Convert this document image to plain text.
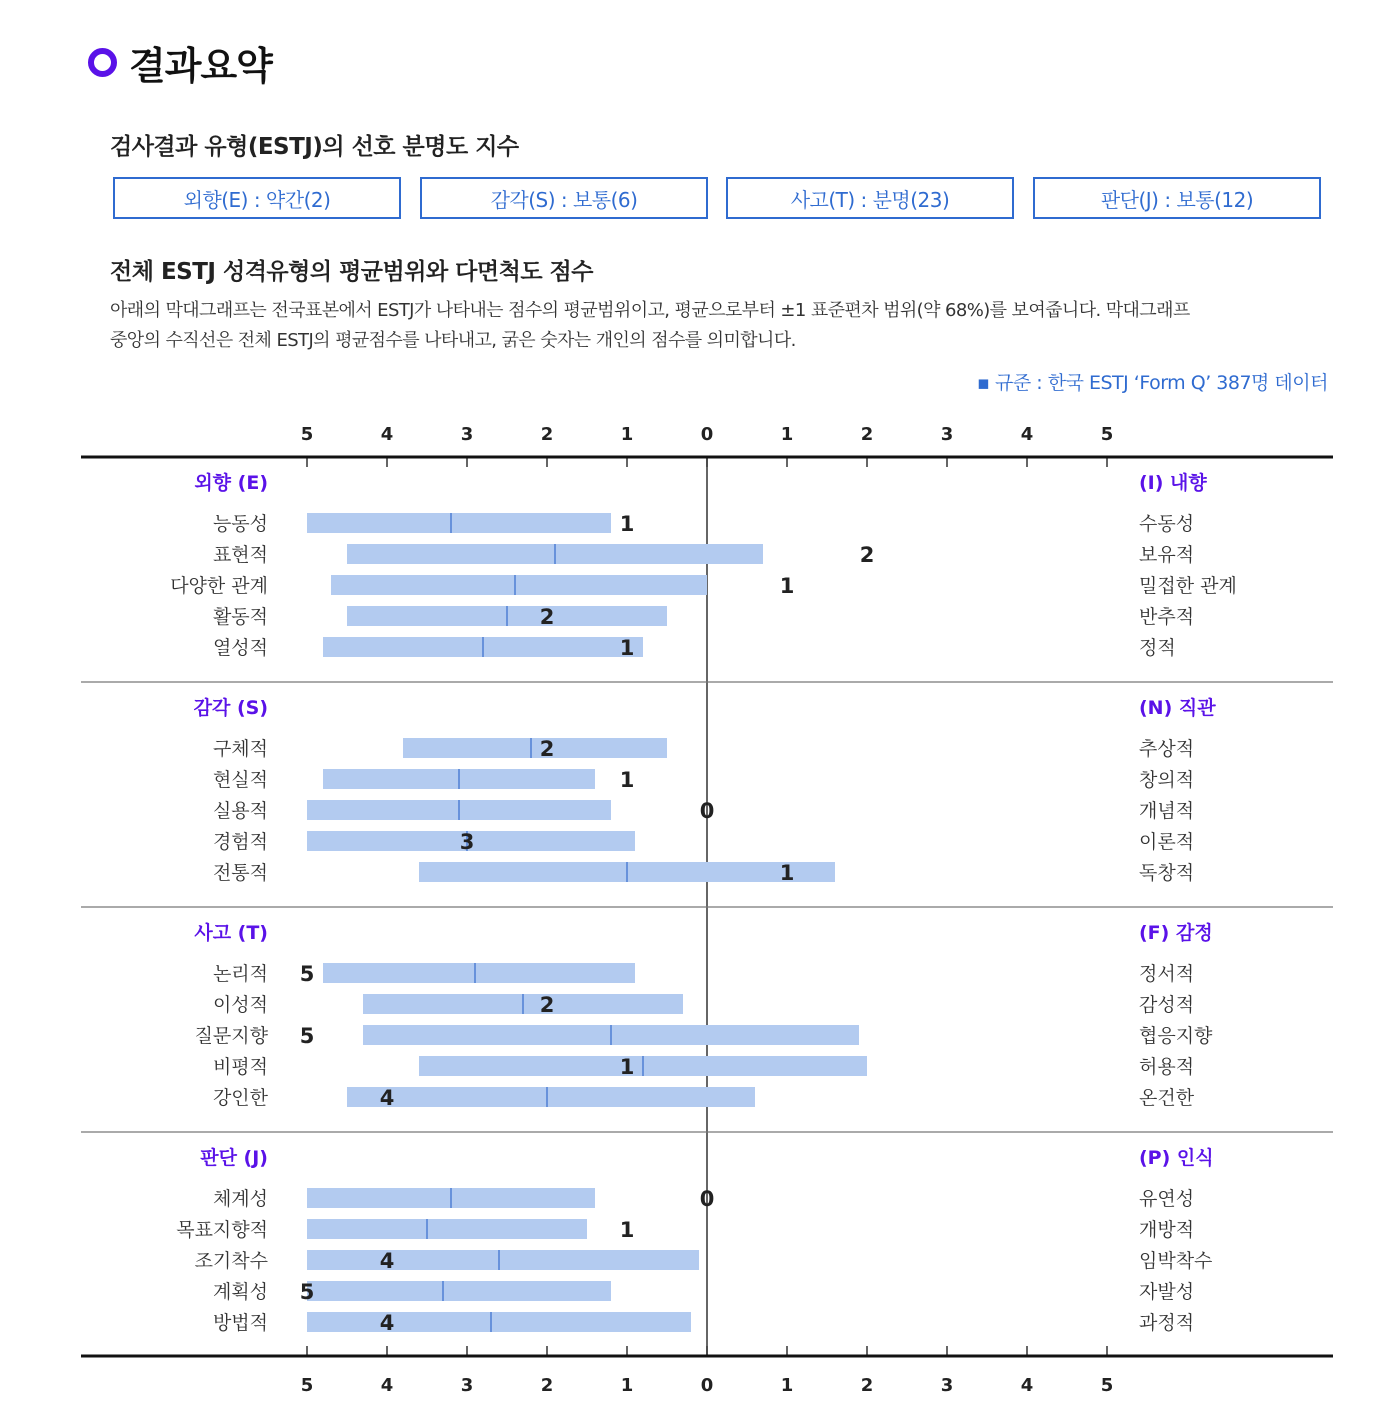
결과요약
검사결과 유형(ESTJ)의 선호 분명도 지수
외향(E) : 약간(2)	감각(S) : 보통(6)	사고(T) : 분명(23)	판단(J) : 보통(12)
전체 ESTJ 성격유형의 평균범위와 다면척도 점수
아래의 막대그래프는 전국표본에서 ESTJ가 나타내는 점수의 평균범위이고, 평균으로부터 ±1 표준편차 범위(약 68%)를 보여줍니다. 막대그래프
중앙의 수직선은 전체 ESTJ의 평균점수를 나타내고, 굵은 숫자는 개인의 점수를 의미합니다.
▪ 규준 : 한국 ESTJ ‘Form Q’ 387명 데이터
5
5
4
4
3
3
2
2
1
1
0
0
1
1
2
2
3
3
4
4
5
5
외향 (E)	(I) 내향
능동성	수동성
1
표현적	보유적
2
다양한 관계	밀접한 관계
1
활동적	반추적
2
열성적	정적
1
감각 (S)	(N) 직관
구체적	추상적
2
현실적	창의적
1
실용적	개념적
0
경험적	이론적
3
전통적	독창적
1
사고 (T)	(F) 감정
논리적	정서적
5
이성적	감성적
2
질문지향	협응지향
5
비평적	허용적
1
강인한	온건한
4
판단 (J)	(P) 인식
체계성	유연성
0
목표지향적	개방적
1
조기착수	임박착수
4
계획성	자발성
5
방법적	과정적
4
